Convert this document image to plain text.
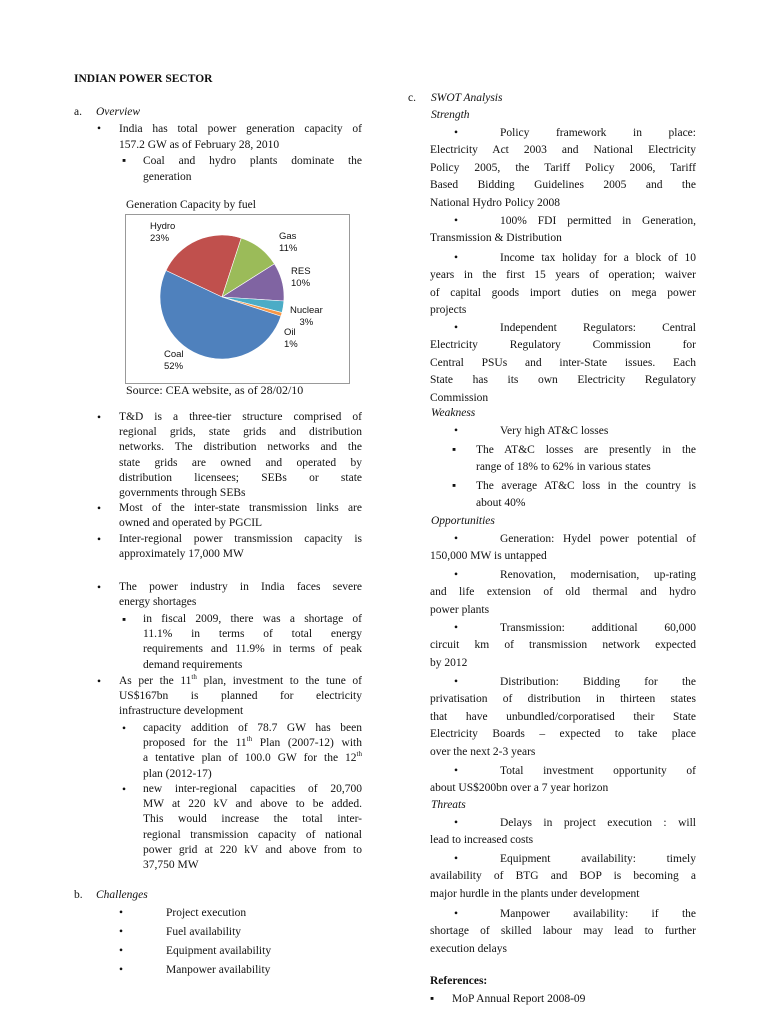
INDIAN POWER SECTOR
a. Overview
• India has total power generation capacity of
157.2 GW as of February 28, 2010
▪ Coal and hydro plants dominate the
generation
Generation Capacity by fuel
Hydro
23%	Gas
11%
RES
10%
Nuclear
3%
Oil
1%
Coal
52%
Source: CEA website, as of 28/02/10
• T&D is a three-tier structure comprised of
regional grids, state grids and distribution
networks. The distribution networks and the
state grids are owned and operated by
distribution licensees; SEBs or state
governments through SEBs
• Most of the inter-state transmission links are
owned and operated by PGCIL
• Inter-regional power transmission capacity is
approximately 17,000 MW
• The power industry in India faces severe
energy shortages
▪ in fiscal 2009, there was a shortage of
11.1% in terms of total energy
requirements and 11.9% in terms of peak
demand requirements
• As per the 11th plan, investment to the tune of
US$167bn is planned for electricity
infrastructure development
• capacity addition of 78.7 GW has been
proposed for the 11th Plan (2007-12) with
a tentative plan of 100.0 GW for the 12th
plan (2012-17)
• new inter-regional capacities of 20,700
MW at 220 kV and above to be added.
This would increase the total inter-
regional transmission capacity of national
power grid at 220 kV and above from to
37,750 MW
b. Challenges
•	Project execution
•	Fuel availability
•	Equipment availability
•	Manpower availability
c. SWOT Analysis
Strength
•	Policy framework in place:
Electricity Act 2003 and National Electricity
Policy 2005, the Tariff Policy 2006, Tariff
Based Bidding Guidelines 2005 and the
National Hydro Policy 2008
•	100% FDI permitted in Generation,
Transmission & Distribution
•	Income tax holiday for a block of 10
years in the first 15 years of operation; waiver
of capital goods import duties on mega power
projects
•	Independent Regulators: Central
Electricity Regulatory Commission for
Central PSUs and inter-State issues. Each
State has its own Electricity Regulatory
Commission
•	Very high AT&C losses
▪ The AT&C losses are presently in the
range of 18% to 62% in various states
▪ The average AT&C loss in the country is
about 40%
•	Generation: Hydel power potential of
150,000 MW is untapped
•	Renovation, modernisation, up-rating
and life extension of old thermal and hydro
power plants
•	Transmission: additional 60,000
circuit km of transmission network expected
by 2012
•	Distribution: Bidding for the
privatisation of distribution in thirteen states
that have unbundled/corporatised their State
Electricity Boards – expected to take place
over the next 2-3 years
•	Total investment opportunity of
about US$200bn over a 7 year horizon
•	Delays in project execution : will
lead to increased costs
•	Equipment availability: timely
availability of BTG and BOP is becoming a
major hurdle in the plants under development
•	Manpower availability: if the
shortage of skilled labour may lead to further
execution delays
Weakness
Opportunities
Threats
References:
▪ MoP Annual Report 2008-09
